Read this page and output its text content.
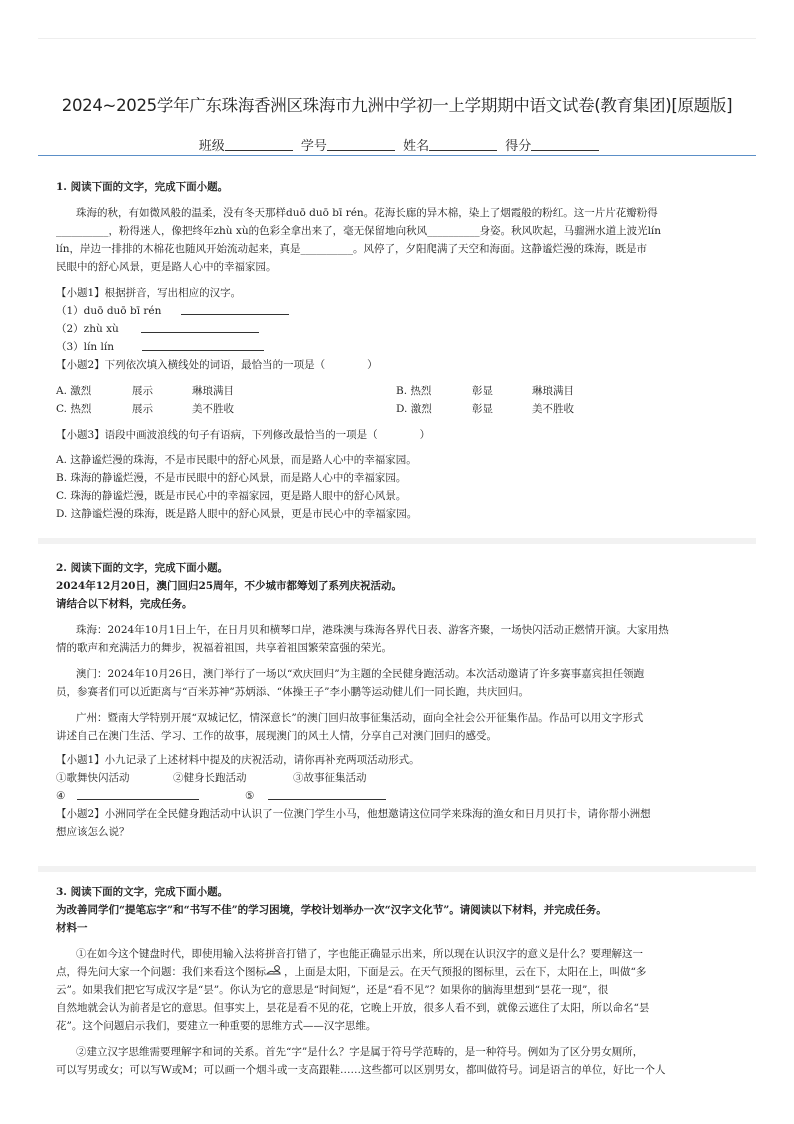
2024~2025学年广东珠海香洲区珠海市九洲中学初一上学期期中语文试卷(教育集团)[原题版]
班级	学号	姓名	得分
1. 阅读下面的文字，完成下面小题。
珠海的秋，有如微风般的温柔，没有冬天那样duō duō bī rén。花海长廊的异木棉，染上了烟霞般的粉红。这一片片花瓣粉得
__________，粉得迷人，像把终年zhù xù的色彩全拿出来了，毫无保留地向秋风__________身姿。秋风吹起，马骝洲水道上波光lín
lín，岸边一排排的木棉花也随风开始流动起来，真是__________。风停了，夕阳爬满了天空和海面。这静谧烂漫的珠海，既是市
民眼中的舒心风景，更是路人心中的幸福家园。
【小题1】根据拼音，写出相应的汉字。
（1）duō duō bī rén
（2）zhù xù
（3）lín lín
【小题2】下列依次填入横线处的词语，最恰当的一项是（　　　　）
A. 激烈	展示	琳琅满目	B. 热烈	彰显	琳琅满目
C. 热烈	展示	美不胜收	D. 激烈	彰显	美不胜收
【小题3】语段中画波浪线的句子有语病，下列修改最恰当的一项是（　　　　）
A. 这静谧烂漫的珠海，不是市民眼中的舒心风景，而是路人心中的幸福家园。
B. 珠海的静谧烂漫，不是市民眼中的舒心风景，而是路人心中的幸福家园。
C. 珠海的静谧烂漫，既是市民心中的幸福家园，更是路人眼中的舒心风景。
D. 这静谧烂漫的珠海，既是路人眼中的舒心风景，更是市民心中的幸福家园。
2. 阅读下面的文字，完成下面小题。
2024年12月20日，澳门回归25周年，不少城市都筹划了系列庆祝活动。
请结合以下材料，完成任务。
珠海：2024年10月1日上午，在日月贝和横琴口岸，港珠澳与珠海各界代日表、游客齐聚，一场快闪活动正燃情开演。大家用热
情的歌声和充满活力的舞步，祝福着祖国，共享着祖国繁荣富强的荣光。
澳门：2024年10月26日，澳门举行了一场以“欢庆回归”为主题的全民健身跑活动。本次活动邀请了许多赛事嘉宾担任领跑
员，参赛者们可以近距离与“百米苏神”苏炳添、“体操王子”李小鹏等运动健儿们一同长跑，共庆回归。
广州：暨南大学特别开展“双城记忆，情深意长”的澳门回归故事征集活动，面向全社会公开征集作品。作品可以用文字形式
讲述自己在澳门生活、学习、工作的故事，展现澳门的风土人情，分享自己对澳门回归的感受。
【小题1】小九记录了上述材料中提及的庆祝活动，请你再补充两项活动形式。
①歌舞快闪活动	②健身长跑活动	③故事征集活动
④	⑤
【小题2】小洲同学在全民健身跑活动中认识了一位澳门学生小马，他想邀请这位同学来珠海的渔女和日月贝打卡，请你帮小洲想
想应该怎么说？
3. 阅读下面的文字，完成下面小题。
为改善同学们“提笔忘字”和“书写不佳”的学习困境，学校计划举办一次“汉字文化节”。请阅读以下材料，并完成任务。
材料一
①在如今这个键盘时代，即使用输入法将拼音打错了，字也能正确显示出来，所以现在认识汉字的意义是什么？要理解这一
点，得先问大家一个问题：我们来看这个图标 ，上面是太阳，下面是云。在天气预报的图标里，云在下，太阳在上，叫做“多
云”。如果我们把它写成汉字是“昙”。你认为它的意思是“时间短”，还是“看不见”？如果你的脑海里想到“昙花一现”，很
自然地就会认为前者是它的意思。但事实上，昙花是看不见的花，它晚上开放，很多人看不到，就像云遮住了太阳，所以命名“昙
花”。这个问题启示我们，要建立一种重要的思维方式——汉字思维。
②建立汉字思维需要理解字和词的关系。首先“字”是什么？字是属于符号学范畴的，是一种符号。例如为了区分男女厕所，
可以写男或女；可以写W或M；可以画一个烟斗或一支高跟鞋……这些都可以区别男女，都叫做符号。词是语言的单位，好比一个人
